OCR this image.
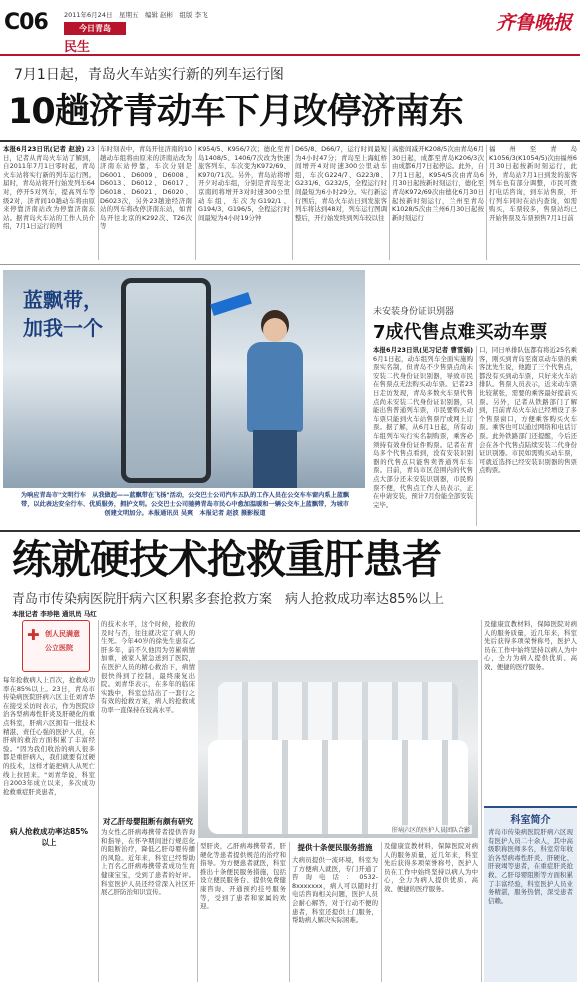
C06 2011年6月24日　星期五　编辑 赵彬　组版 李飞
今日青岛
民生
齐鲁晚报
7月1日起，青岛火车站实行新的列车运行图
10趟济青动车下月改停济南东
本报6月23日讯(记者 赵波) 23日，记者从青岛火车站了解到，自2011年7月1日零时起，青岛火车站将实行新的列车运行图。届时，青岛站将开行始发列车64对，停开5对列车，提高列车等级2对，济青间10趟动车将由原来停靠济南站改为停靠济南东站。据青岛火车站的工作人员介绍，7月1日运行的列
车时刻表中，青岛开往济南的10趟动车组将由原来的济南站改为济南东站停靠，车次分别是D6001、D6009、D6008、D6013、D6012、D6017、D6018、D6021、D6020、D6023次，另外23趟途经济南站的列车将改停济南东站，如青岛开往北京的K292次、T26次等
K954/5、K956/7次；德化至青岛1408/5、1406/7次改为快速旅客列车，车次变为K972/69、K970/71次。另外，青岛站将增开夕对动车组，分别是青岛至北京南间将增开3对时速300公里动车组，车次为G192/1、G194/3、G196/5，全程运行时间最短为4小时19分钟
D65/8、D66/7，运行时间最短为4小时47分；青岛至上海虹桥间增开4对时速300公里动车组，车次G224/7、G223/8、G231/6、G232/5，全程运行时间最短为6小时29分。实行新运行图后，青岛火车站日到发旅客列车将达到48对，列车运行图调整后，开行始发终到列车较以往
高密间减开K208/5次由青岛6月30日起，成都至青岛K206/3次由成都6月7日起停运。此外，自7月1日起，K954/5次由青岛6月30日起按新时刻运行，德化至青岛K972/69次由德化6月30日起按新时刻运行，兰州至青岛K1028/5次由兰州6月30日起按新时刻运行
福州至青岛K1056/3(K1054/5)次由福州6月30日起按新时刻运行，此外，青岛站7月1日到发的旅客列车也有部分调整，市民可拨打电话咨询，到车站售票，开行列车同时在站内查询，如需购买，车票较多，售票站均已开始售票及车票预售7月1日前
蓝飘带，
加我一个
为响应青岛市"文明行车　从我做起——蓝飘带在飞扬"活动，公交巴士公司汽车五队的工作人员在公交车车窗内系上蓝飘带，以此表达安全行车、优质服务，拥护文明。公交巴士公司驰骋青岛市民心中愈加温暖和一辆公交车上蓝飘带，为城市创建文明加分。本报通讯员 吴爽　本报记者 赵波 摄影报道
未安装身份证识别器
7成代售点难买动车票
本报6月23日讯(见习记者 曹雪娟) 6月1日起，动车组列车全面实施购票实名制，但青岛不少售票点尚未安装二代身份证识别器，导致市民在售票点无法购买动车票。记者23日走访发现，青岛多数火车票代售点尚未安装二代身份证识别器，只能出售普通列车票，市民要购买动车票只能到火车站售票厅或网上订票。据了解，从6月1日起，所有动车组列车实行实名制购票，乘客必须持有效身份证件购票。记者在青岛多个代售点看到，没有安装识别器的代售点只能售卖普通列车车票。目前，青岛市区范围内的代售点大部分还未安装识别器，市民购票不便，代售点工作人员表示，正在申请安装，预计7月份能全部安装完毕。
口，同日单排队伍都有将近25名乘客，刚买到青岛至南京动车票的乘客沈先生说，他跑了三个代售点，都没有买到动车票，只好来火车站排队。售票人员表示，近来动车票比较紧张，需要的乘客最好提前买票。另外，记者从铁路部门了解到，目前青岛火车站已经增设了多个售票窗口，方便乘客购买火车票。乘客也可以通过网络和电话订票。此外铁路部门还提醒，今后还会在各个代售点陆续安装二代身份证识别器。市民如需购买动车票，可就近选择已经安装识别器的售票点购票。
练就硬技术抢救重肝患者
青岛市传染病医院肝病六区积累多套抢救方案　病人抢救成功率达85%以上
本报记者 李珍艳 通讯员 马红
✚ 创人民满意
公立医院
每年抢救病人上百次，抢救成功率在85%以上。23日，青岛市传染病医院肝病六区主任刘青华在接受采访时表示，作为医院诊治各型病毒性肝炎及肝硬化的重点科室，肝病六区拥有一批技术精湛、责任心强的医护人员，在肝病的救治方面积累了丰富经验。"因为我们收治的病人很多都是重肝病人，我们就要有过硬的技术，这样才能把病人从死亡线上拉回来。"刘青华说，科室自2003年成立以来，多次成功抢救重症肝炎患者，
病人抢救成功率达85%以上
的技术水平，这个时候，抢救的及时与否，往往就决定了病人的生死。今年40岁的徐先生患有乙肝多年，前不久他因为劳累病情加重，被家人紧急送到了医院，在医护人员的精心救治下，病情很快得到了控制，最终康复出院。刘青华表示，在多年的临床实践中，科室总结出了一套行之有效的抢救方案，病人的抢救成功率一直保持在较高水平。
对乙肝母婴阻断有颇有研究
肝病六区的医护人员团队合影
为女性乙肝病毒携带者提供咨询和指导，在怀孕期间进行规范化的阻断治疗，降低乙肝母婴传播的风险。近年来，科室已经帮助上百名乙肝病毒携带者成功生育健康宝宝，受到了患者的好评。科室医护人员还经常深入社区开展乙肝防治知识宣传。
型肝炎，乙肝病毒携带者，肝硬化等患者提供规范的治疗和指导。为方便患者就医，科室推出十条便民服务措施，包括设立便民服务台、提供免费健康咨询、开通预约挂号服务等，受到了患者和家属的欢迎。
提供十条便民服务措施
大病员提供一流环境，科室为了方便病人就医，专门开通了咨询电话：0532-8xxxxxxx，病人可以随时打电话咨询相关问题，医护人员会耐心解答，对于行动不便的患者，科室还提供上门服务，帮助病人解决实际困难。
及健康宣教材料，保障医院对病人的服务质量，近几年来，科室先后获得多项荣誉称号，医护人员在工作中始终坚持以病人为中心，全力为病人提供优质、高效、便捷的医疗服务。
及健康宣教材料，保障医院对病人的服务质量，近几年来，科室先后获得多项荣誉称号，医护人员在工作中始终坚持以病人为中心，全力为病人提供优质、高效、便捷的医疗服务。
科室简介
青岛市传染病医院肝病六区现有医护人员二十余人，其中高级职称医师多名，科室常年收治各型病毒性肝炎、肝硬化、肝衰竭等患者，在重症肝炎抢救、乙肝母婴阻断等方面积累了丰富经验，科室医护人员业务精湛，服务热情，深受患者信赖。
